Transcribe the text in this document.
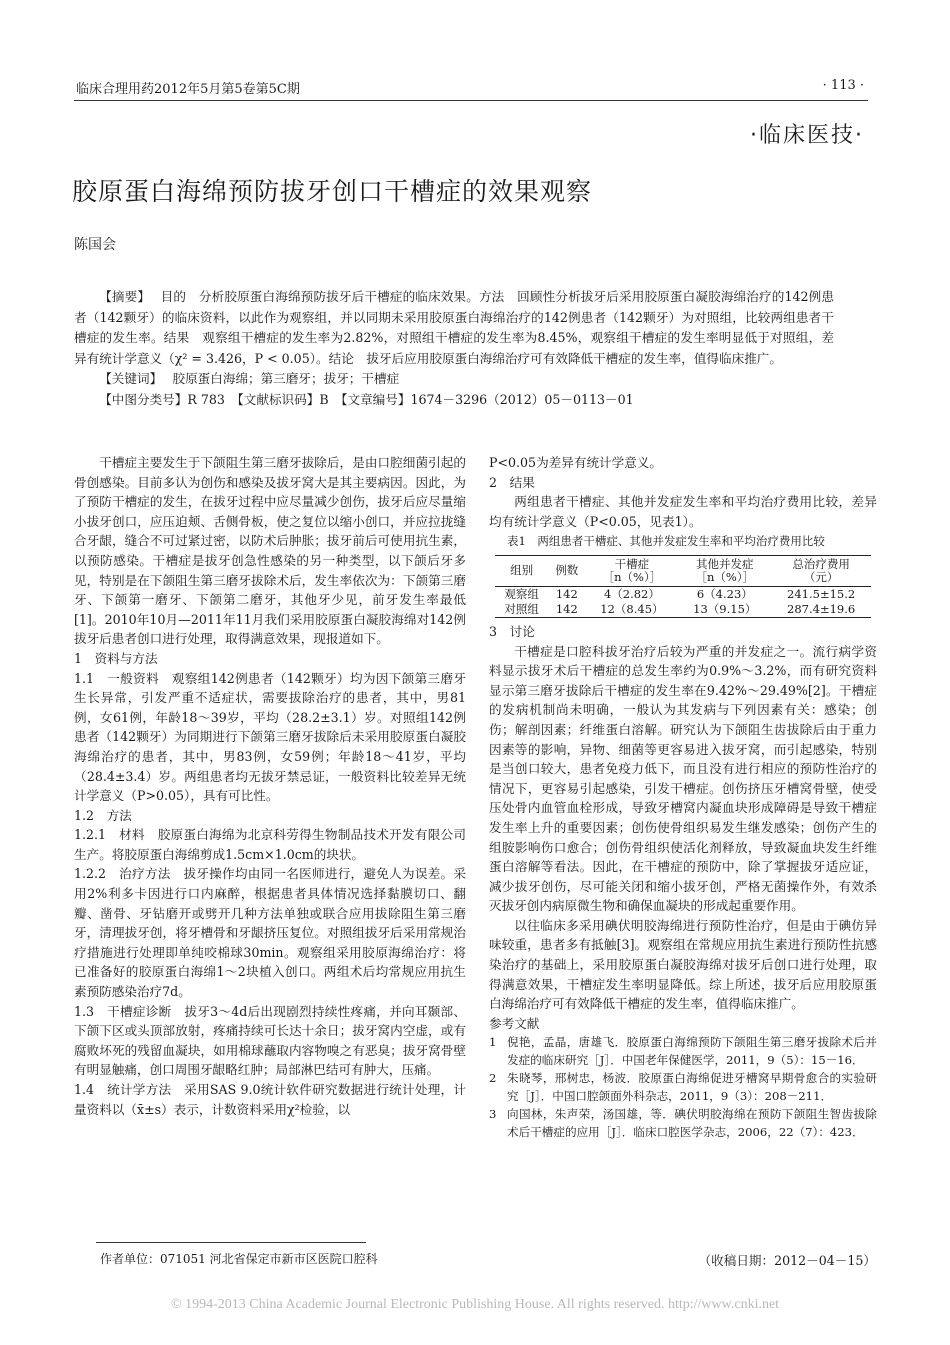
临床合理用药2012年5月第5卷第5C期	· 113 ·
·临床医技·
胶原蛋白海绵预防拔牙创口干槽症的效果观察
陈国会
【摘要】　 目的　分析胶原蛋白海绵预防拔牙后干槽症的临床效果。方法　回顾性分析拔牙后采用胶原蛋白凝胶海绵治疗的142例患者（142颗牙）的临床资料，以此作为观察组，并以同期未采用胶原蛋白海绵治疗的142例患者（142颗牙）为对照组，比较两组患者干槽症的发生率。结果　观察组干槽症的发生率为2.82%，对照组干槽症的发生率为8.45%，观察组干槽症的发生率明显低于对照组，差异有统计学意义（χ² = 3.426，P < 0.05）。结论　拔牙后应用胶原蛋白海绵治疗可有效降低干槽症的发生率，值得临床推广。
【关键词】　 胶原蛋白海绵；第三磨牙；拔牙；干槽症
【中图分类号】R 783　 【文献标识码】B　 【文章编号】1674－3296（2012）05－0113－01

干槽症主要发生于下颌阻生第三磨牙拔除后，是由口腔细菌引起的骨创感染。目前多认为创伤和感染及拔牙窝大是其主要病因。因此，为了预防干槽症的发生，在拔牙过程中应尽量减少创伤，拔牙后应尽量缩小拔牙创口，应压迫颊、舌侧骨板，使之复位以缩小创口，并应拉拢缝合牙龈，缝合不可过紧过密，以防术后肿胀；拔牙前后可使用抗生素，以预防感染。干槽症是拔牙创急性感染的另一种类型，以下颌后牙多见，特别是在下颌阻生第三磨牙拔除术后，发生率依次为：下颌第三磨牙、下颌第一磨牙、下颌第二磨牙，其他牙少见，前牙发生率最低[1]。2010年10月—2011年11月我们采用胶原蛋白凝胶海绵对142例拔牙后患者创口进行处理，取得满意效果，现报道如下。

1　资料与方法

1.1　一般资料　观察组142例患者（142颗牙）均为因下颌第三磨牙生长异常，引发严重不适症状，需要拔除治疗的患者，其中，男81例，女61例，年龄18～39岁，平均（28.2±3.1）岁。对照组142例患者（142颗牙）为同期进行下颌第三磨牙拔除后未采用胶原蛋白凝胶海绵治疗的患者，其中，男83例，女59例；年龄18～41岁，平均（28.4±3.4）岁。两组患者均无拔牙禁忌证，一般资料比较差异无统计学意义（P>0.05），具有可比性。

1.2　方法

1.2.1　材料　胶原蛋白海绵为北京科劳得生物制品技术开发有限公司生产。将胶原蛋白海绵剪成1.5cm×1.0cm的块状。

1.2.2　治疗方法　拔牙操作均由同一名医师进行，避免人为误差。采用2%利多卡因进行口内麻醉，根据患者具体情况选择黏膜切口、翻瓣、凿骨、牙钻磨开或劈开几种方法单独或联合应用拔除阻生第三磨牙，清理拔牙创，将牙槽骨和牙龈挤压复位。对照组拔牙后采用常规治疗措施进行处理即单纯咬棉球30min。观察组采用胶原海绵治疗：将已准备好的胶原蛋白海绵1～2块植入创口。两组术后均常规应用抗生素预防感染治疗7d。

1.3　干槽症诊断　拔牙3～4d后出现剧烈持续性疼痛，并向耳颞部、下颌下区或头顶部放射，疼痛持续可长达十余日；拔牙窝内空虚，或有腐败坏死的残留血凝块，如用棉球蘸取内容物嗅之有恶臭；拔牙窝骨壁有明显触痛，创口周围牙龈略红肿；局部淋巴结可有肿大，压痛。

1.4　统计学方法　采用SAS 9.0统计软件研究数据进行统计处理，计量资料以（x̄±s）表示，计数资料采用χ²检验，以

P<0.05为差异有统计学意义。

2　结果

两组患者干槽症、其他并发症发生率和平均治疗费用比较，差异均有统计学意义（P<0.05，见表1）。

表1　两组患者干槽症、其他并发症发生率和平均治疗费用比较
组别	例数	干槽症
［n（%）］	其他并发症
［n（%）］	总治疗费用
（元）
观察组	142	4（2.82）	6（4.23）	241.5±15.2
对照组	142	12（8.45）	13（9.15）	287.4±19.6

3　讨论

干槽症是口腔科拔牙治疗后较为严重的并发症之一。流行病学资料显示拔牙术后干槽症的总发生率约为0.9%～3.2%，而有研究资料显示第三磨牙拔除后干槽症的发生率在9.42%～29.49%[2]。干槽症的发病机制尚未明确，一般认为其发病与下列因素有关：感染；创伤；解剖因素；纤维蛋白溶解。研究认为下颌阻生齿拔除后由于重力因素等的影响，异物、细菌等更容易进入拔牙窝，而引起感染，特别是当创口较大，患者免疫力低下，而且没有进行相应的预防性治疗的情况下，更容易引起感染，引发干槽症。创伤挤压牙槽窝骨壁，使受压处骨内血管血栓形成，导致牙槽窝内凝血块形成障碍是导致干槽症发生率上升的重要因素；创伤使骨组织易发生继发感染；创伤产生的组胺影响伤口愈合；创伤骨组织使活化剂释放，导致凝血块发生纤维蛋白溶解等看法。因此，在干槽症的预防中，除了掌握拔牙适应证，减少拔牙创伤，尽可能关闭和缩小拔牙创，严格无菌操作外，有效杀灭拔牙创内病原微生物和确保血凝块的形成起重要作用。

以往临床多采用碘伏明胶海绵进行预防性治疗，但是由于碘仿异味较重，患者多有抵触[3]。观察组在常规应用抗生素进行预防性抗感染治疗的基础上，采用胶原蛋白凝胶海绵对拔牙后创口进行处理，取得满意效果，干槽症发生率明显降低。综上所述，拔牙后应用胶原蛋白海绵治疗可有效降低干槽症的发生率，值得临床推广。

参考文献

1 倪艳，孟晶，唐雄飞．胶原蛋白海绵预防下颌阻生第三磨牙拔除术后并发症的临床研究［J］．中国老年保健医学，2011，9（5）：15－16．
2 朱晓琴，邢树忠，杨波．胶原蛋白海绵促进牙槽窝早期骨愈合的实验研究［J］．中国口腔颌面外科杂志，2011，9（3）：208－211．
3 向国林，朱声荣，汤国雄，等．碘伏明胶海绵在预防下颌阻生智齿拔除术后干槽症的应用［J］．临床口腔医学杂志，2006，22（7）：423．
作者单位：071051 河北省保定市新市区医院口腔科	（收稿日期：2012－04－15）
© 1994-2013 China Academic Journal Electronic Publishing House. All rights reserved. http://www.cnki.net
